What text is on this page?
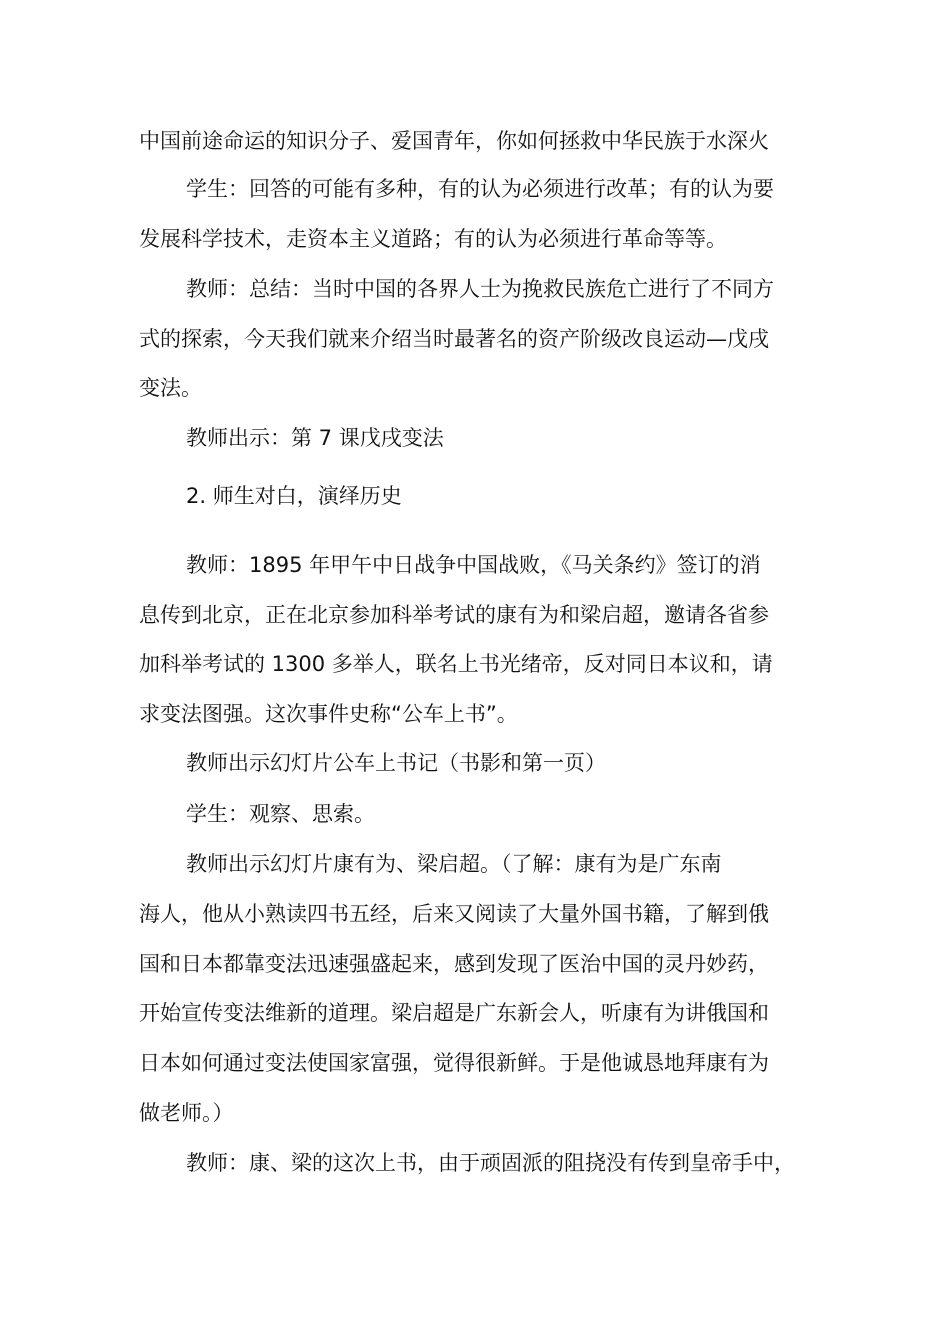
中国前途命运的知识分子、爱国青年，你如何拯救中华民族于水深火
学生：回答的可能有多种，有的认为必须进行改革；有的认为要
发展科学技术，走资本主义道路；有的认为必须进行革命等等。
教师：总结：当时中国的各界人士为挽救民族危亡进行了不同方
式的探索，今天我们就来介绍当时最著名的资产阶级改良运动—戊戌
变法。
教师出示：第 7 课戊戌变法
2. 师生对白，演绎历史
教师：1895 年甲午中日战争中国战败，《马关条约》签订的消
息传到北京，正在北京参加科举考试的康有为和梁启超，邀请各省参
加科举考试的 1300 多举人，联名上书光绪帝，反对同日本议和，请
求变法图强。这次事件史称“公车上书”。
教师出示幻灯片公车上书记（书影和第一页）
学生：观察、思索。
教师出示幻灯片康有为、梁启超。（了解：康有为是广东南
海人，他从小熟读四书五经，后来又阅读了大量外国书籍，了解到俄
国和日本都靠变法迅速强盛起来，感到发现了医治中国的灵丹妙药，
开始宣传变法维新的道理。梁启超是广东新会人，听康有为讲俄国和
日本如何通过变法使国家富强，觉得很新鲜。于是他诚恳地拜康有为
做老师。）
教师：康、梁的这次上书，由于顽固派的阻挠没有传到皇帝手中，
